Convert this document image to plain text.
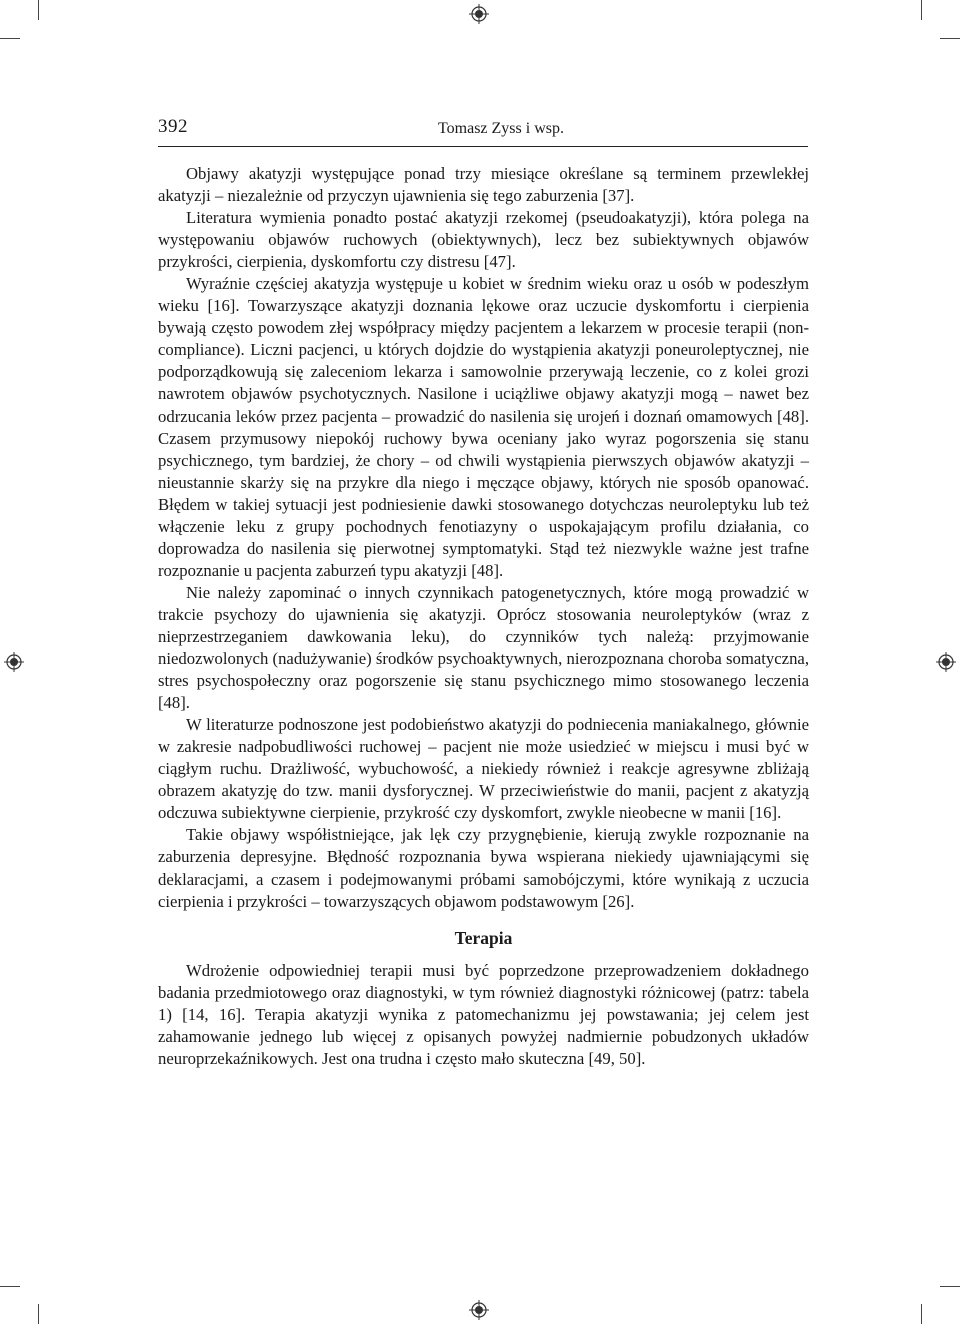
392	Tomasz Zyss i wsp.

Objawy akatyzji występujące ponad trzy miesiące określane są terminem przewlekłej akatyzji – niezależnie od przyczyn ujawnienia się tego zaburzenia [37].

Literatura wymienia ponadto postać akatyzji rzekomej (pseudoakatyzji), która polega na występowaniu objawów ruchowych (obiektywnych), lecz bez subiektywnych objawów przykrości, cierpienia, dyskomfortu czy distresu [47].

Wyraźnie częściej akatyzja występuje u kobiet w średnim wieku oraz u osób w podeszłym wieku [16]. Towarzyszące akatyzji doznania lękowe oraz uczucie dyskomfortu i cierpienia bywają często powodem złej współpracy między pacjentem a lekarzem w procesie terapii (non-compliance). Liczni pacjenci, u których dojdzie do wystąpienia akatyzji poneuroleptycznej, nie podporządkowują się zaleceniom lekarza i samowolnie przerywają leczenie, co z kolei grozi nawrotem objawów psychotycznych. Nasilone i uciążliwe objawy akatyzji mogą – nawet bez odrzucania leków przez pacjenta – prowadzić do nasilenia się urojeń i doznań omamowych [48]. Czasem przymusowy niepokój ruchowy bywa oceniany jako wyraz pogorszenia się stanu psychicznego, tym bardziej, że chory – od chwili wystąpienia pierwszych objawów akatyzji – nieustannie skarży się na przykre dla niego i męczące objawy, których nie sposób opanować. Błędem w takiej sytuacji jest podniesienie dawki stosowanego dotychczas neuroleptyku lub też włączenie leku z grupy pochodnych fenotiazyny o uspokajającym profilu działania, co doprowadza do nasilenia się pierwotnej symptomatyki. Stąd też niezwykle ważne jest trafne rozpoznanie u pacjenta zaburzeń typu akatyzji [48].

Nie należy zapominać o innych czynnikach patogenetycznych, które mogą prowadzić w trakcie psychozy do ujawnienia się akatyzji. Oprócz stosowania neuroleptyków (wraz z nieprzestrzeganiem dawkowania leku), do czynników tych należą: przyjmowanie niedozwolonych (nadużywanie) środków psychoaktywnych, nierozpoznana choroba somatyczna, stres psychospołeczny oraz pogorszenie się stanu psychicznego mimo stosowanego leczenia [48].

W literaturze podnoszone jest podobieństwo akatyzji do podniecenia maniakalnego, głównie w zakresie nadpobudliwości ruchowej – pacjent nie może usiedzieć w miejscu i musi być w ciągłym ruchu. Drażliwość, wybuchowość, a niekiedy również i reakcje agresywne zbliżają obrazem akatyzję do tzw. manii dysforycznej. W przeciwieństwie do manii, pacjent z akatyzją odczuwa subiektywne cierpienie, przykrość czy dyskomfort, zwykle nieobecne w manii [16].

Takie objawy współistniejące, jak lęk czy przygnębienie, kierują zwykle rozpoznanie na zaburzenia depresyjne. Błędność rozpoznania bywa wspierana niekiedy ujawniającymi się deklaracjami, a czasem i podejmowanymi próbami samobójczymi, które wynikają z uczucia cierpienia i przykrości – towarzyszących objawom podstawowym [26].

Terapia

Wdrożenie odpowiedniej terapii musi być poprzedzone przeprowadzeniem dokładnego badania przedmiotowego oraz diagnostyki, w tym również diagnostyki różnicowej (patrz: tabela 1) [14, 16]. Terapia akatyzji wynika z patomechanizmu jej powstawania; jej celem jest zahamowanie jednego lub więcej z opisanych powyżej nadmiernie pobudzonych układów neuroprzekaźnikowych. Jest ona trudna i często mało skuteczna [49, 50].
